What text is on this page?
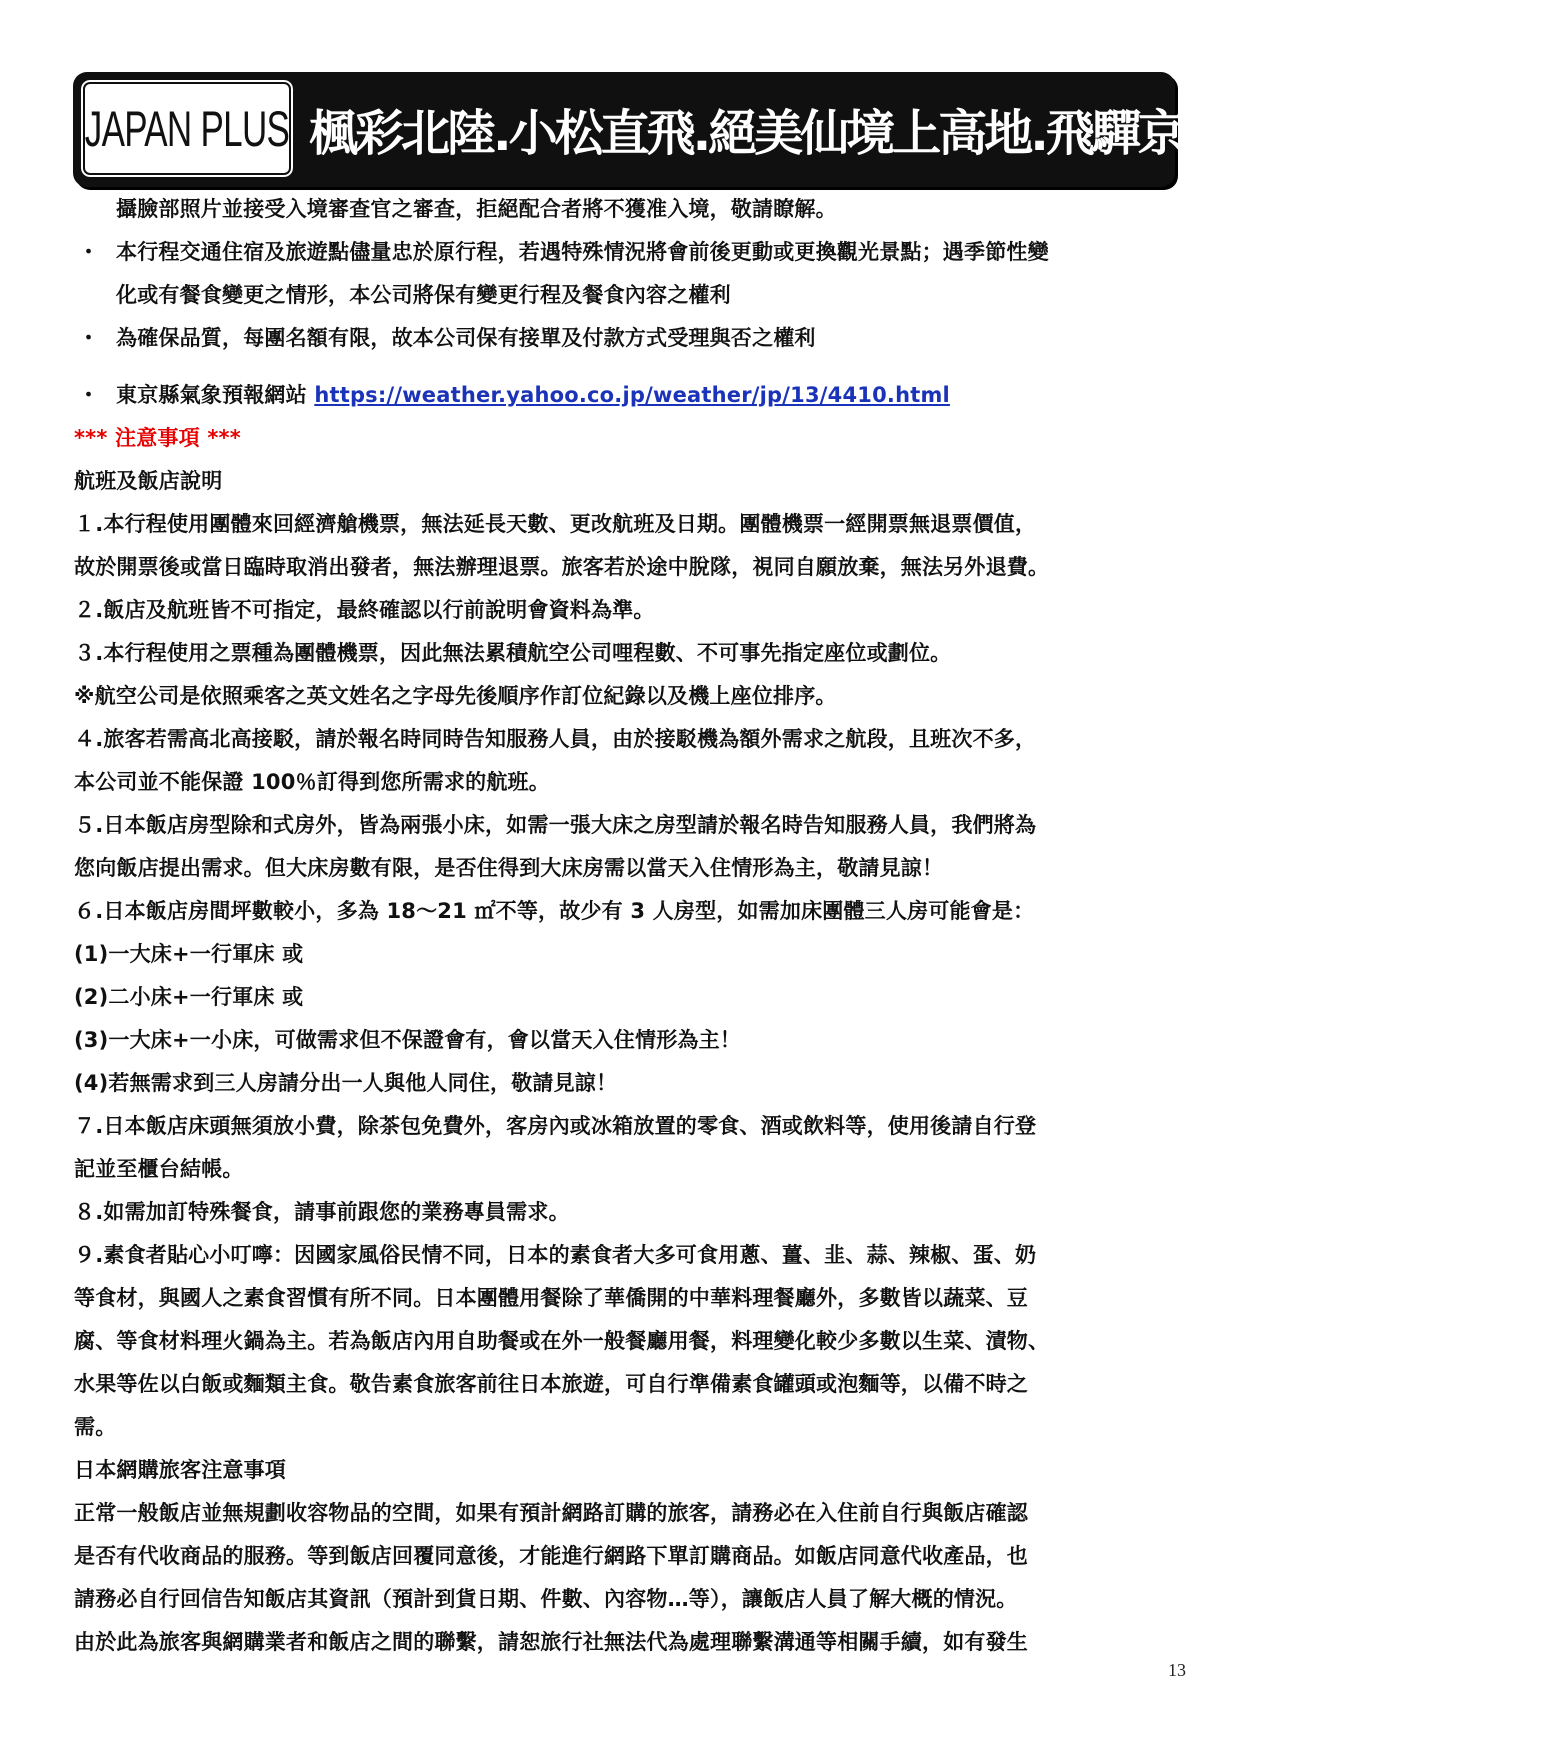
JAPAN PLUS 楓彩北陸.小松直飛.絕美仙境上高地.飛驒京都.昇龍道溫泉五日
攝臉部照片並接受入境審查官之審查，拒絕配合者將不獲准入境，敬請瞭解。
・ 本行程交通住宿及旅遊點儘量忠於原行程，若遇特殊情況將會前後更動或更換觀光景點；遇季節性變
化或有餐食變更之情形，本公司將保有變更行程及餐食內容之權利
・ 為確保品質，每團名額有限，故本公司保有接單及付款方式受理與否之權利
・ 東京縣氣象預報網站 https://weather.yahoo.co.jp/weather/jp/13/4410.html
*** 注意事項 ***
航班及飯店說明
１.本行程使用團體來回經濟艙機票，無法延長天數、更改航班及日期。團體機票一經開票無退票價值，
故於開票後或當日臨時取消出發者，無法辦理退票。旅客若於途中脫隊，視同自願放棄，無法另外退費。
２.飯店及航班皆不可指定，最終確認以行前說明會資料為準。
３.本行程使用之票種為團體機票，因此無法累積航空公司哩程數、不可事先指定座位或劃位。
※航空公司是依照乘客之英文姓名之字母先後順序作訂位紀錄以及機上座位排序。
４.旅客若需高北高接駁，請於報名時同時告知服務人員，由於接駁機為額外需求之航段，且班次不多，
本公司並不能保證 100％訂得到您所需求的航班。
５.日本飯店房型除和式房外，皆為兩張小床，如需一張大床之房型請於報名時告知服務人員，我們將為
您向飯店提出需求。但大床房數有限，是否住得到大床房需以當天入住情形為主，敬請見諒！
６.日本飯店房間坪數較小，多為 18～21 ㎡不等，故少有 3 人房型，如需加床團體三人房可能會是：
(1)一大床+一行軍床 或
(2)二小床+一行軍床 或
(3)一大床+一小床，可做需求但不保證會有，會以當天入住情形為主！
(4)若無需求到三人房請分出一人與他人同住，敬請見諒！
７.日本飯店床頭無須放小費，除茶包免費外，客房內或冰箱放置的零食、酒或飲料等，使用後請自行登
記並至櫃台結帳。
８.如需加訂特殊餐食，請事前跟您的業務專員需求。
９.素食者貼心小叮嚀：因國家風俗民情不同，日本的素食者大多可食用蔥、薑、韭、蒜、辣椒、蛋、奶
等食材，與國人之素食習慣有所不同。日本團體用餐除了華僑開的中華料理餐廳外，多數皆以蔬菜、豆
腐、等食材料理火鍋為主。若為飯店內用自助餐或在外一般餐廳用餐，料理變化較少多數以生菜、漬物、
水果等佐以白飯或麵類主食。敬告素食旅客前往日本旅遊，可自行準備素食罐頭或泡麵等，以備不時之
需。
日本網購旅客注意事項
正常一般飯店並無規劃收容物品的空間，如果有預計網路訂購的旅客，請務必在入住前自行與飯店確認
是否有代收商品的服務。等到飯店回覆同意後，才能進行網路下單訂購商品。如飯店同意代收產品，也
請務必自行回信告知飯店其資訊（預計到貨日期、件數、內容物…等），讓飯店人員了解大概的情況。
由於此為旅客與網購業者和飯店之間的聯繫，請恕旅行社無法代為處理聯繫溝通等相關手續，如有發生
13
